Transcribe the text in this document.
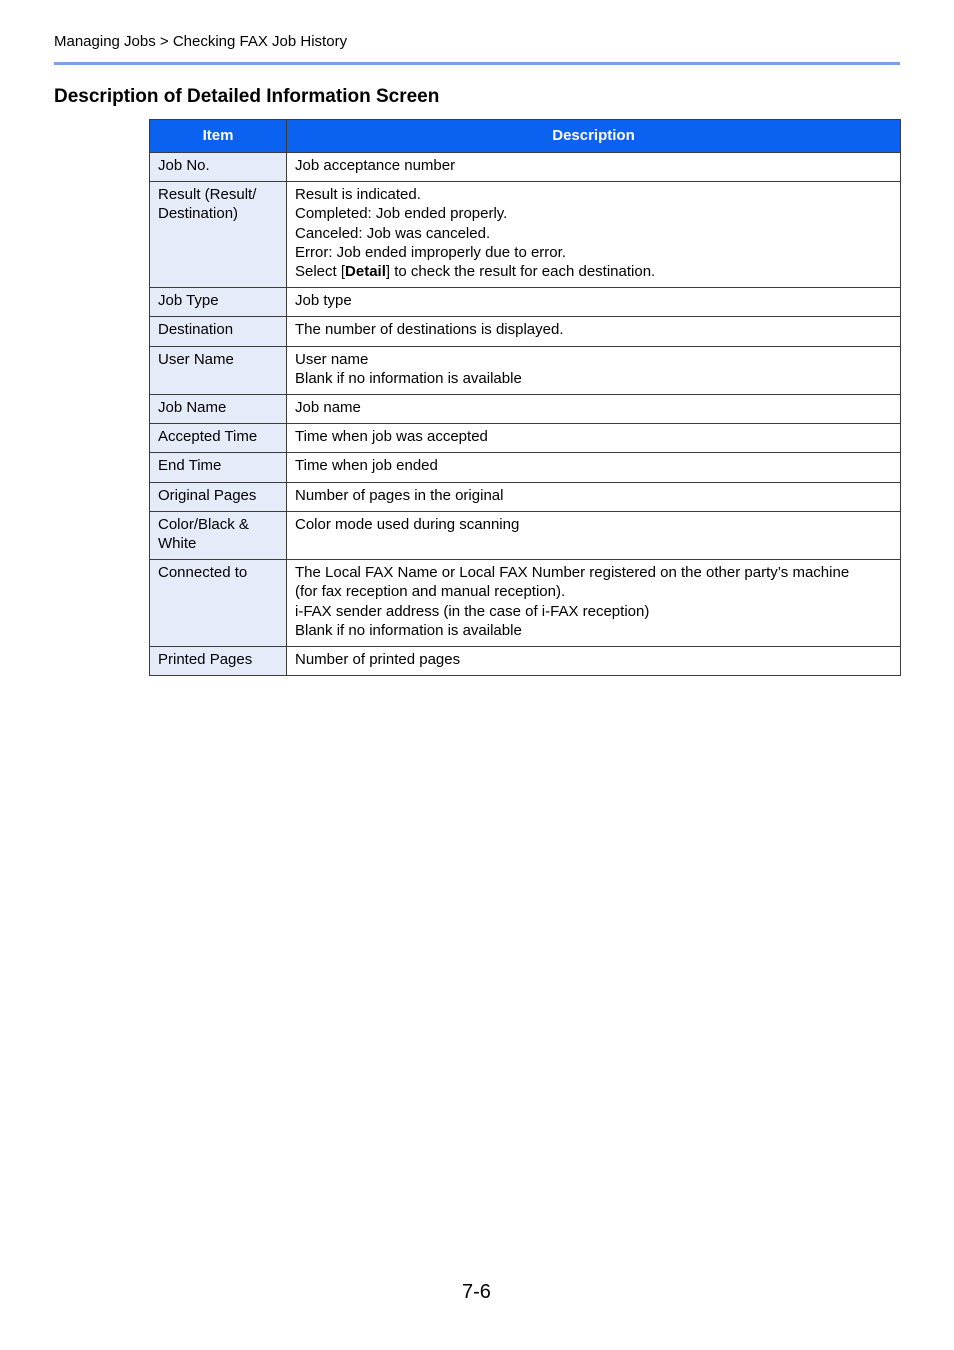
Managing Jobs > Checking FAX Job History
Description of Detailed Information Screen
Item	Description
Job No.	Job acceptance number

Result (Result/ Destination)	Result is indicated.
Completed: Job ended properly.
Canceled: Job was canceled.
Error: Job ended improperly due to error.
Select [Detail] to check the result for each destination.

Job Type	Job type

Destination	The number of destinations is displayed.

User Name	User name
Blank if no information is available

Job Name	Job name

Accepted Time	Time when job was accepted

End Time	Time when job ended

Original Pages	Number of pages in the original

Color/Black & White	Color mode used during scanning

Connected to	The Local FAX Name or Local FAX Number registered on the other party’s machine
(for fax reception and manual reception).
i-FAX sender address (in the case of i-FAX reception)
Blank if no information is available

Printed Pages	Number of printed pages
7-6
